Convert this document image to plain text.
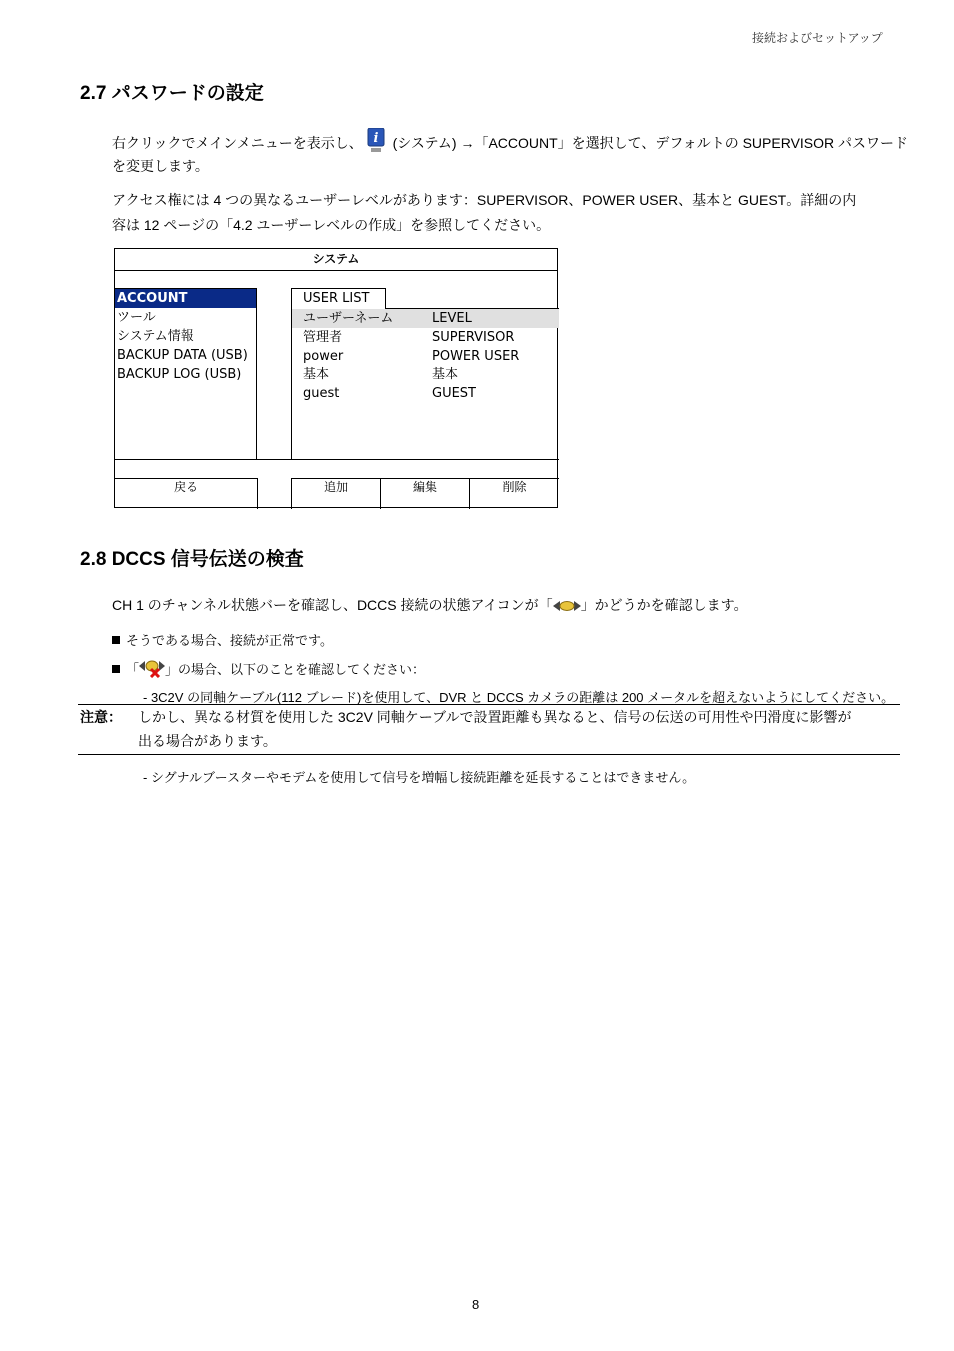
接続およびセットアップ
2.7 パスワードの設定
右クリックでメインメニューを表示し、 i (システム) →「ACCOUNT」を選択して、デフォルトの SUPERVISOR パスワード
を変更します。
アクセス権には 4 つの異なるユーザーレベルがあります：SUPERVISOR、POWER USER、基本と GUEST。詳細の内
容は 12 ページの「4.2 ユーザーレベルの作成」を参照してください。
システム
ACCOUNT
ツール
システム情報
BACKUP DATA (USB)
BACKUP LOG (USB)
USER LIST
ユーザーネーム	LEVEL
管理者	SUPERVISOR
power	POWER USER
基本	基本
guest	GUEST
戻る	追加	編集	削除
2.8 DCCS 信号伝送の検査
CH 1 のチャンネル状態バーを確認し、DCCS 接続の状態アイコンが「 」かどうかを確認します。
そうである場合、接続が正常です。
「 」の場合、以下のことを確認してください：
- 3C2V の同軸ケーブル(112 ブレード)を使用して、DVR と DCCS カメラの距離は 200 メータルを超えないようにしてください。
注意： しかし、異なる材質を使用した 3C2V 同軸ケーブルで設置距離も異なると、信号の伝送の可用性や円滑度に影響が
出る場合があります。
- シグナルブースターやモデムを使用して信号を増幅し接続距離を延長することはできません。
8
